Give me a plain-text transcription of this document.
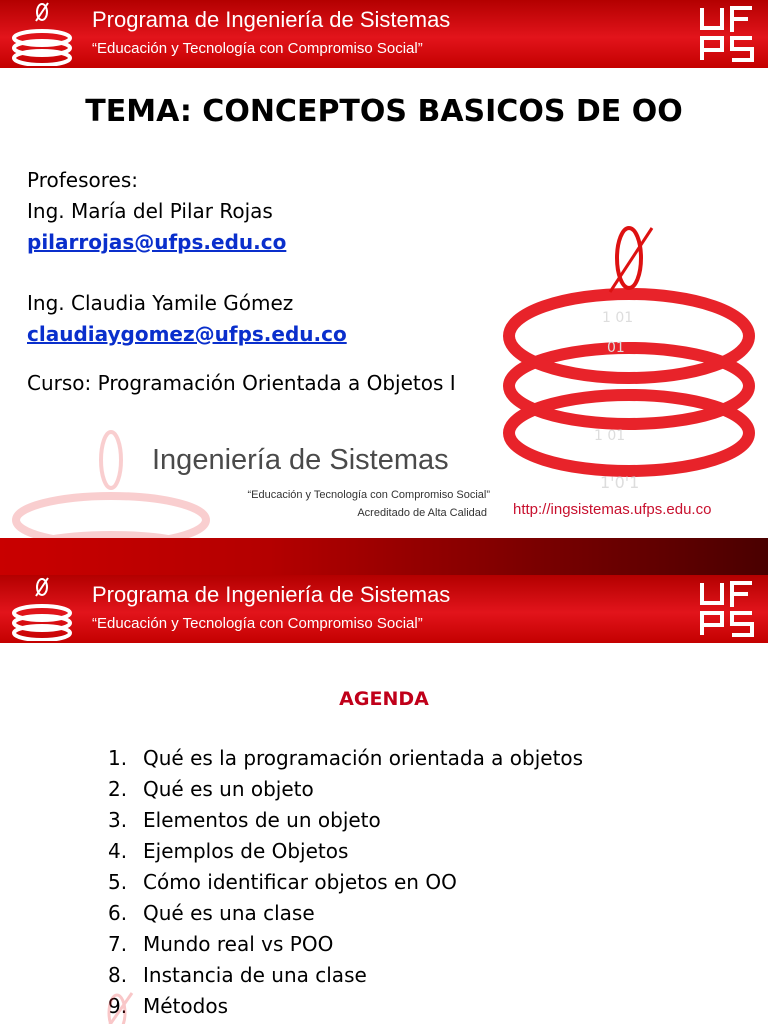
Programa de Ingeniería de Sistemas
“Educación y Tecnología con Compromiso Social”
TEMA: CONCEPTOS BASICOS DE OO
Profesores:
Ing. María del Pilar Rojas
pilarrojas@ufps.edu.co
Ing. Claudia Yamile Gómez
claudiaygomez@ufps.edu.co
Curso: Programación Orientada a Objetos I
1 01
01
1 01
1'0'1
Ingeniería de Sistemas
“Educación y Tecnología con Compromiso Social”
Acreditado de Alta Calidad http://ingsistemas.ufps.edu.co
Programa de Ingeniería de Sistemas
“Educación y Tecnología con Compromiso Social”
AGENDA
1. Qué es la programación orientada a objetos
2. Qué es un objeto
3. Elementos de un objeto
4. Ejemplos de Objetos
5. Cómo identificar objetos en OO
6. Qué es una clase
7. Mundo real vs POO
8. Instancia de una clase
9. Métodos
